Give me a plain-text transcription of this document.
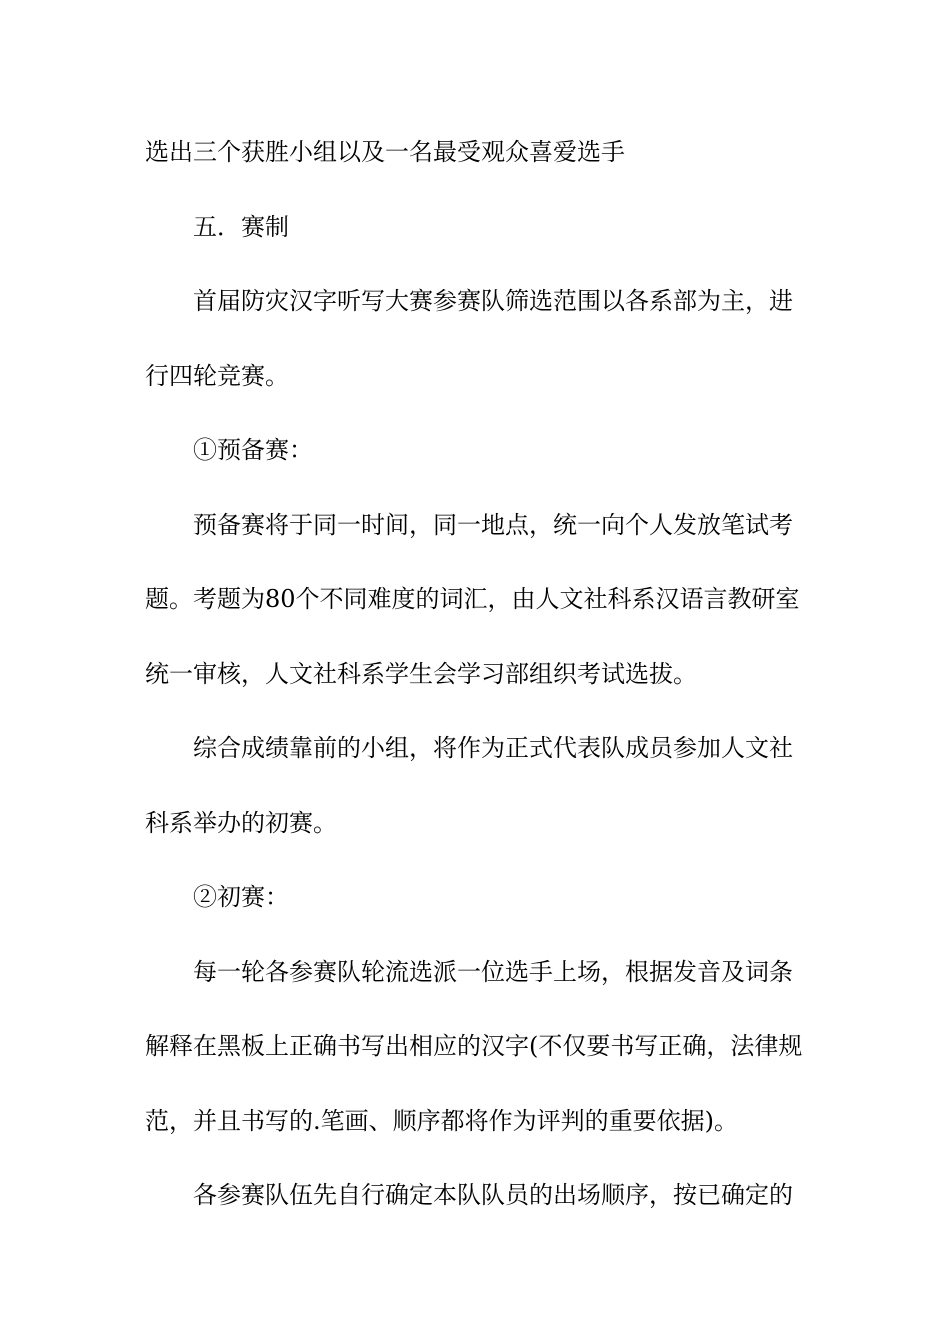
选出三个获胜小组以及一名最受观众喜爱选手
五．赛制
首届防灾汉字听写大赛参赛队筛选范围以各系部为主，进
行四轮竞赛。
①预备赛：
预备赛将于同一时间，同一地点，统一向个人发放笔试考
题。考题为80个不同难度的词汇，由人文社科系汉语言教研室
统一审核，人文社科系学生会学习部组织考试选拔。
综合成绩靠前的小组，将作为正式代表队成员参加人文社
科系举办的初赛。
②初赛：
每一轮各参赛队轮流选派一位选手上场，根据发音及词条
解释在黑板上正确书写出相应的汉字(不仅要书写正确，法律规
范，并且书写的.笔画、顺序都将作为评判的重要依据)。
各参赛队伍先自行确定本队队员的出场顺序，按已确定的
